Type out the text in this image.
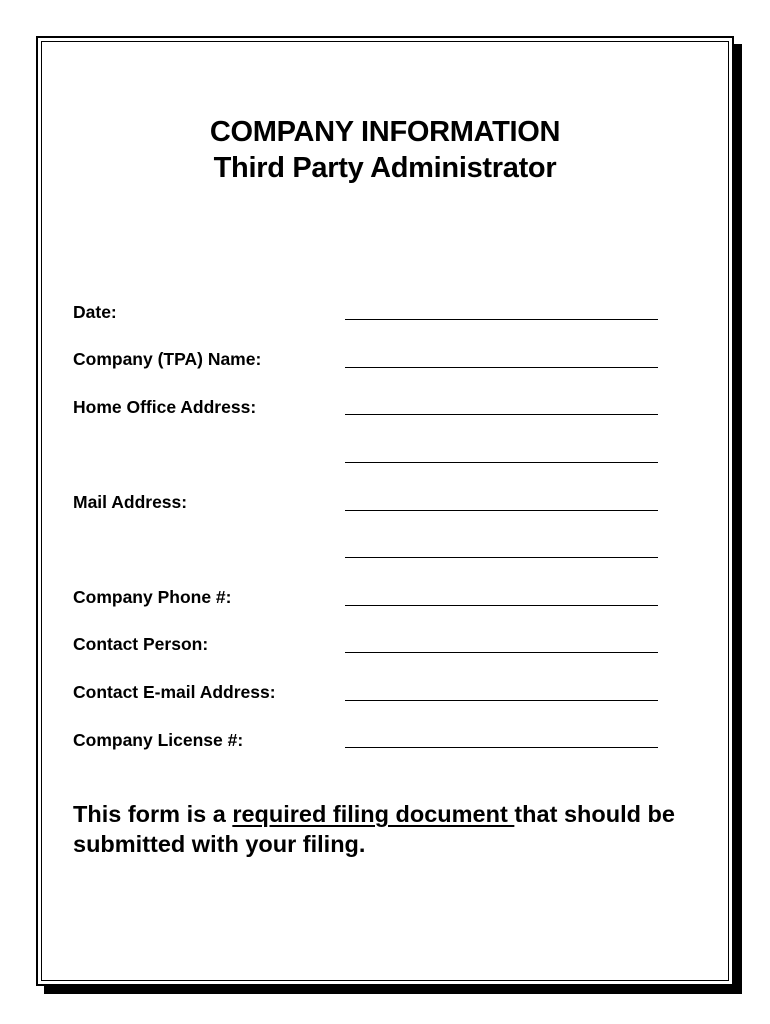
COMPANY INFORMATION
Third Party Administrator
Date:
Company (TPA) Name:
Home Office Address:
Mail Address:
Company Phone #:
Contact Person:
Contact E-mail Address:
Company License #:
This form is a required filing document that should be submitted with your filing.
